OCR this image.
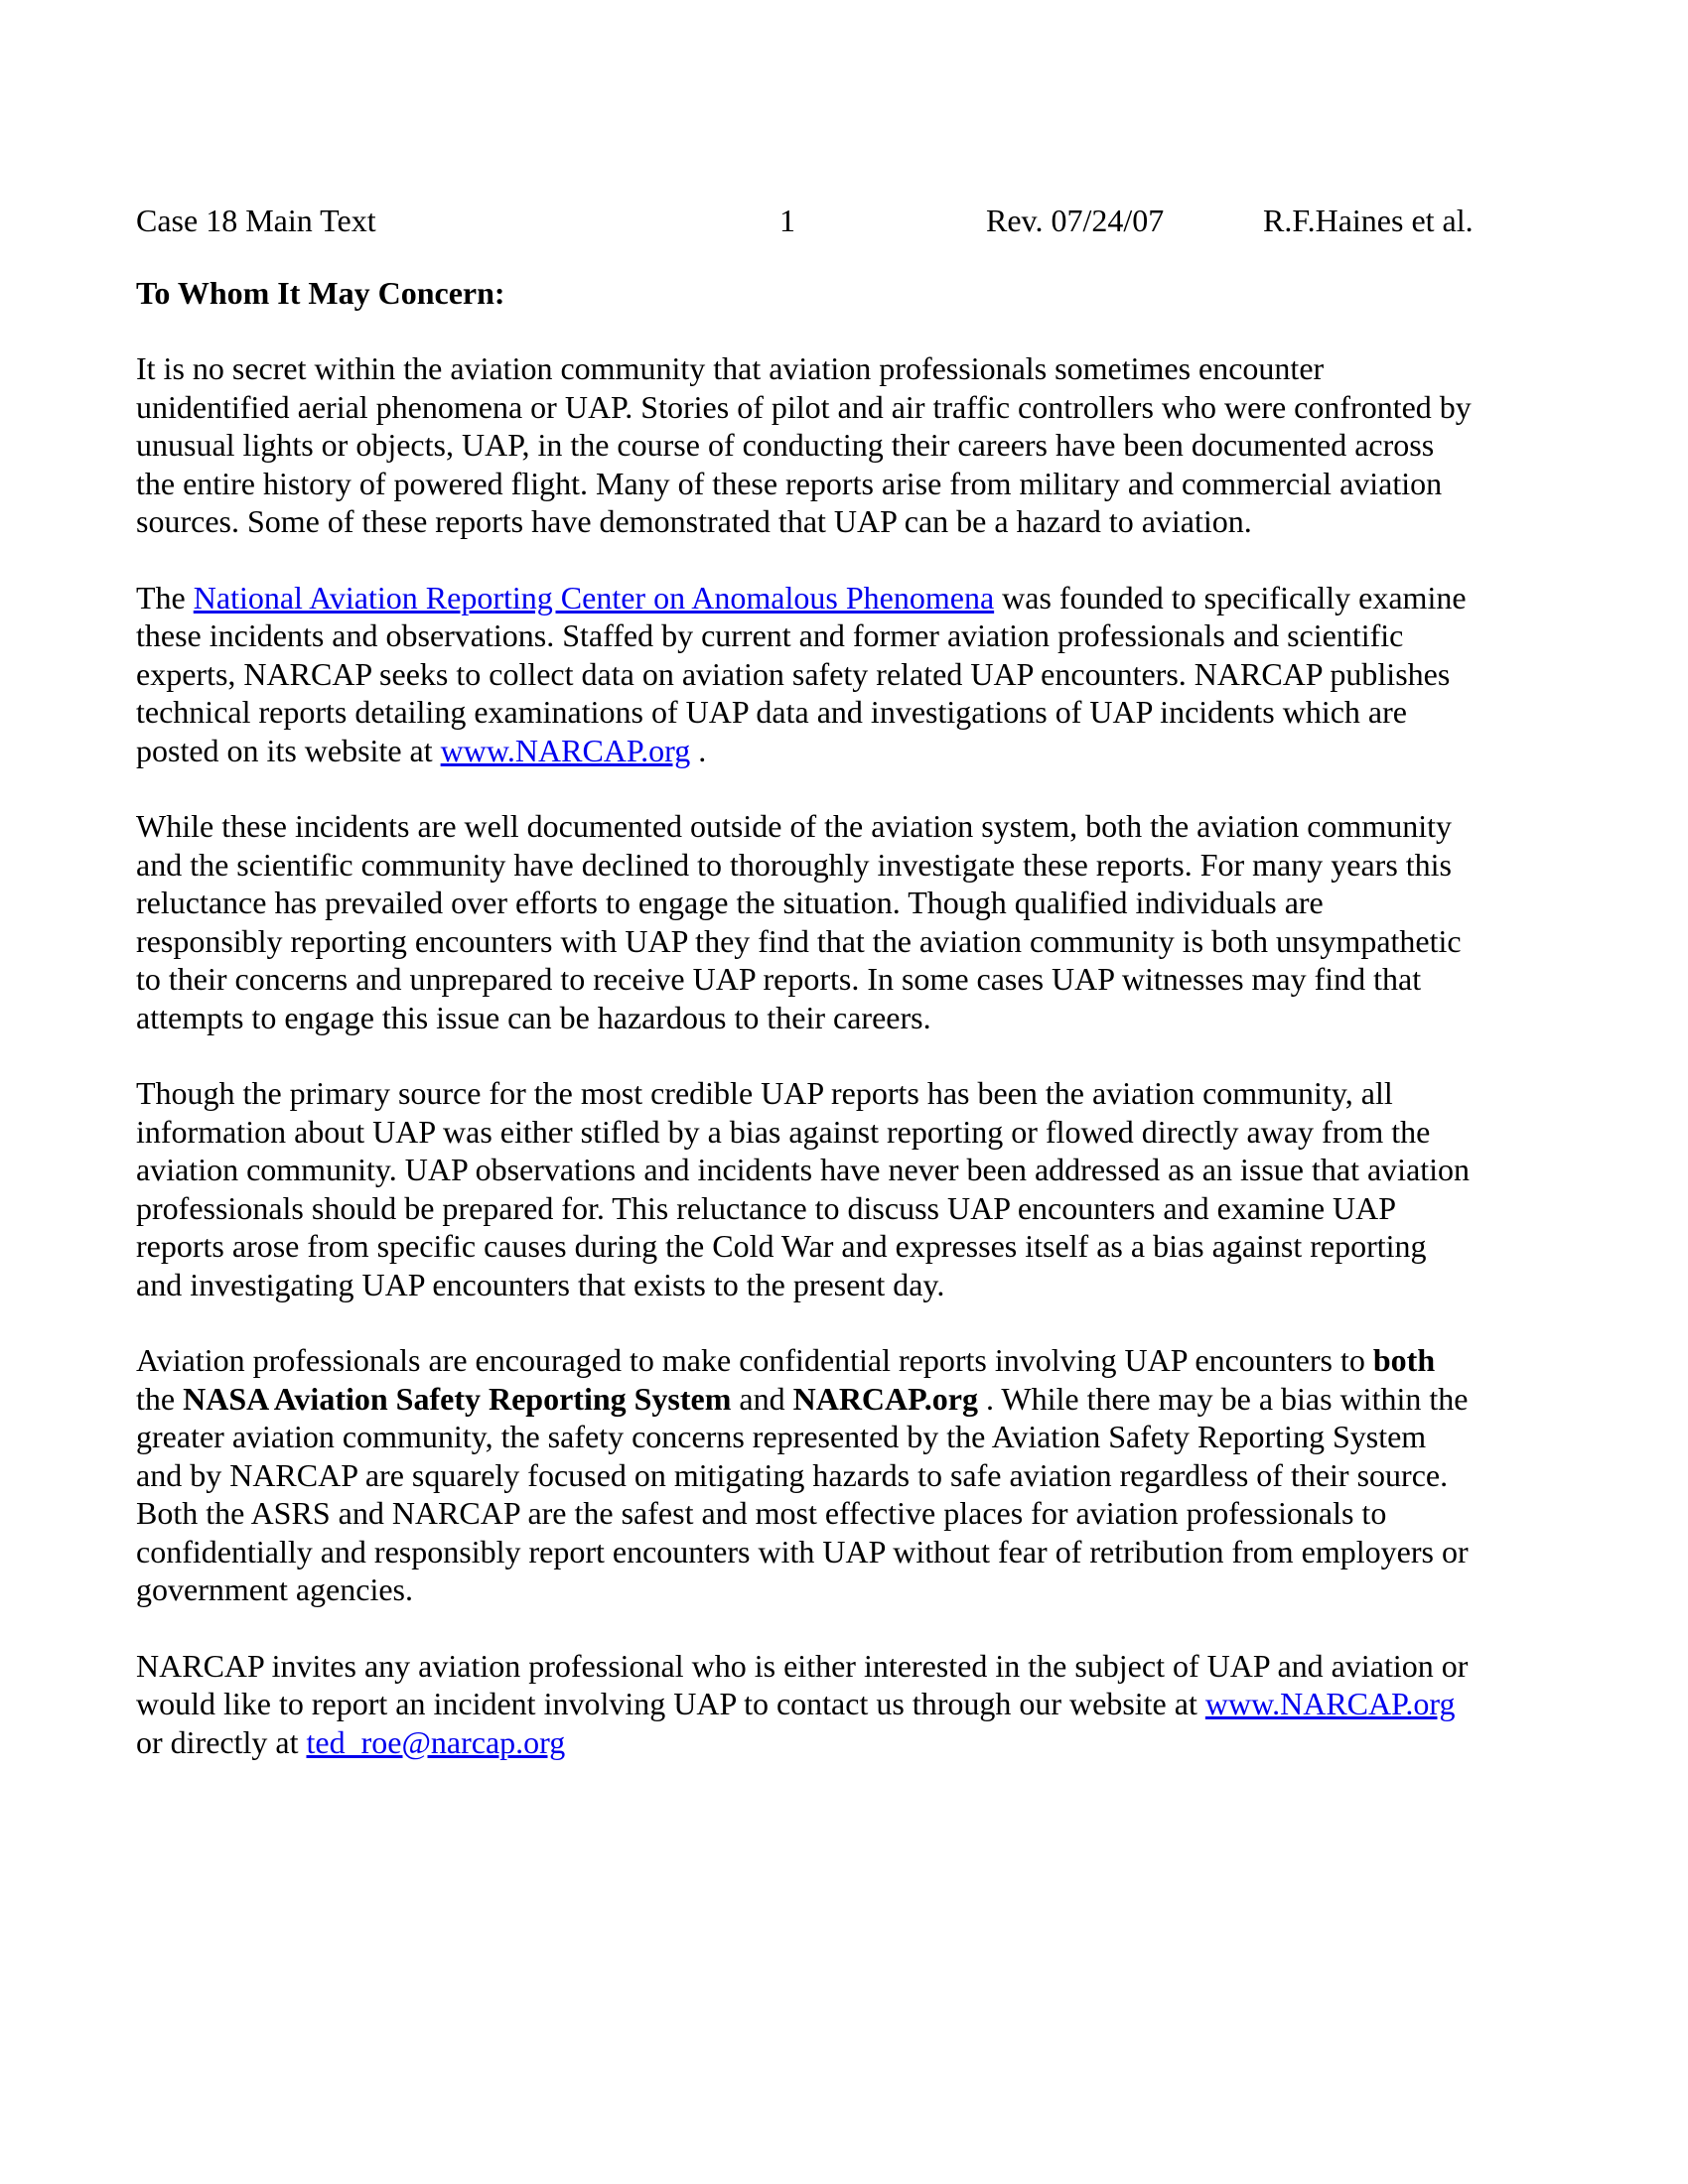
Case 18 Main Text	1	Rev. 07/24/07	R.F.Haines et al.
To Whom It May Concern:

It is no secret within the aviation community that aviation professionals sometimes encounter
unidentified aerial phenomena or UAP. Stories of pilot and air traffic controllers who were confronted by
unusual lights or objects, UAP, in the course of conducting their careers have been documented across
the entire history of powered flight. Many of these reports arise from military and commercial aviation
sources. Some of these reports have demonstrated that UAP can be a hazard to aviation.

The National Aviation Reporting Center on Anomalous Phenomena was founded to specifically examine
these incidents and observations. Staffed by current and former aviation professionals and scientific
experts, NARCAP seeks to collect data on aviation safety related UAP encounters. NARCAP publishes
technical reports detailing examinations of UAP data and investigations of UAP incidents which are
posted on its website at www.NARCAP.org .

While these incidents are well documented outside of the aviation system, both the aviation community
and the scientific community have declined to thoroughly investigate these reports. For many years this
reluctance has prevailed over efforts to engage the situation. Though qualified individuals are
responsibly reporting encounters with UAP they find that the aviation community is both unsympathetic
to their concerns and unprepared to receive UAP reports. In some cases UAP witnesses may find that
attempts to engage this issue can be hazardous to their careers.

Though the primary source for the most credible UAP reports has been the aviation community, all
information about UAP was either stifled by a bias against reporting or flowed directly away from the
aviation community. UAP observations and incidents have never been addressed as an issue that aviation
professionals should be prepared for. This reluctance to discuss UAP encounters and examine UAP
reports arose from specific causes during the Cold War and expresses itself as a bias against reporting
and investigating UAP encounters that exists to the present day.

Aviation professionals are encouraged to make confidential reports involving UAP encounters to both
the NASA Aviation Safety Reporting System and NARCAP.org . While there may be a bias within the
greater aviation community, the safety concerns represented by the Aviation Safety Reporting System
and by NARCAP are squarely focused on mitigating hazards to safe aviation regardless of their source.
Both the ASRS and NARCAP are the safest and most effective places for aviation professionals to
confidentially and responsibly report encounters with UAP without fear of retribution from employers or
government agencies.

NARCAP invites any aviation professional who is either interested in the subject of UAP and aviation or
would like to report an incident involving UAP to contact us through our website at www.NARCAP.org
or directly at ted_roe@narcap.org
